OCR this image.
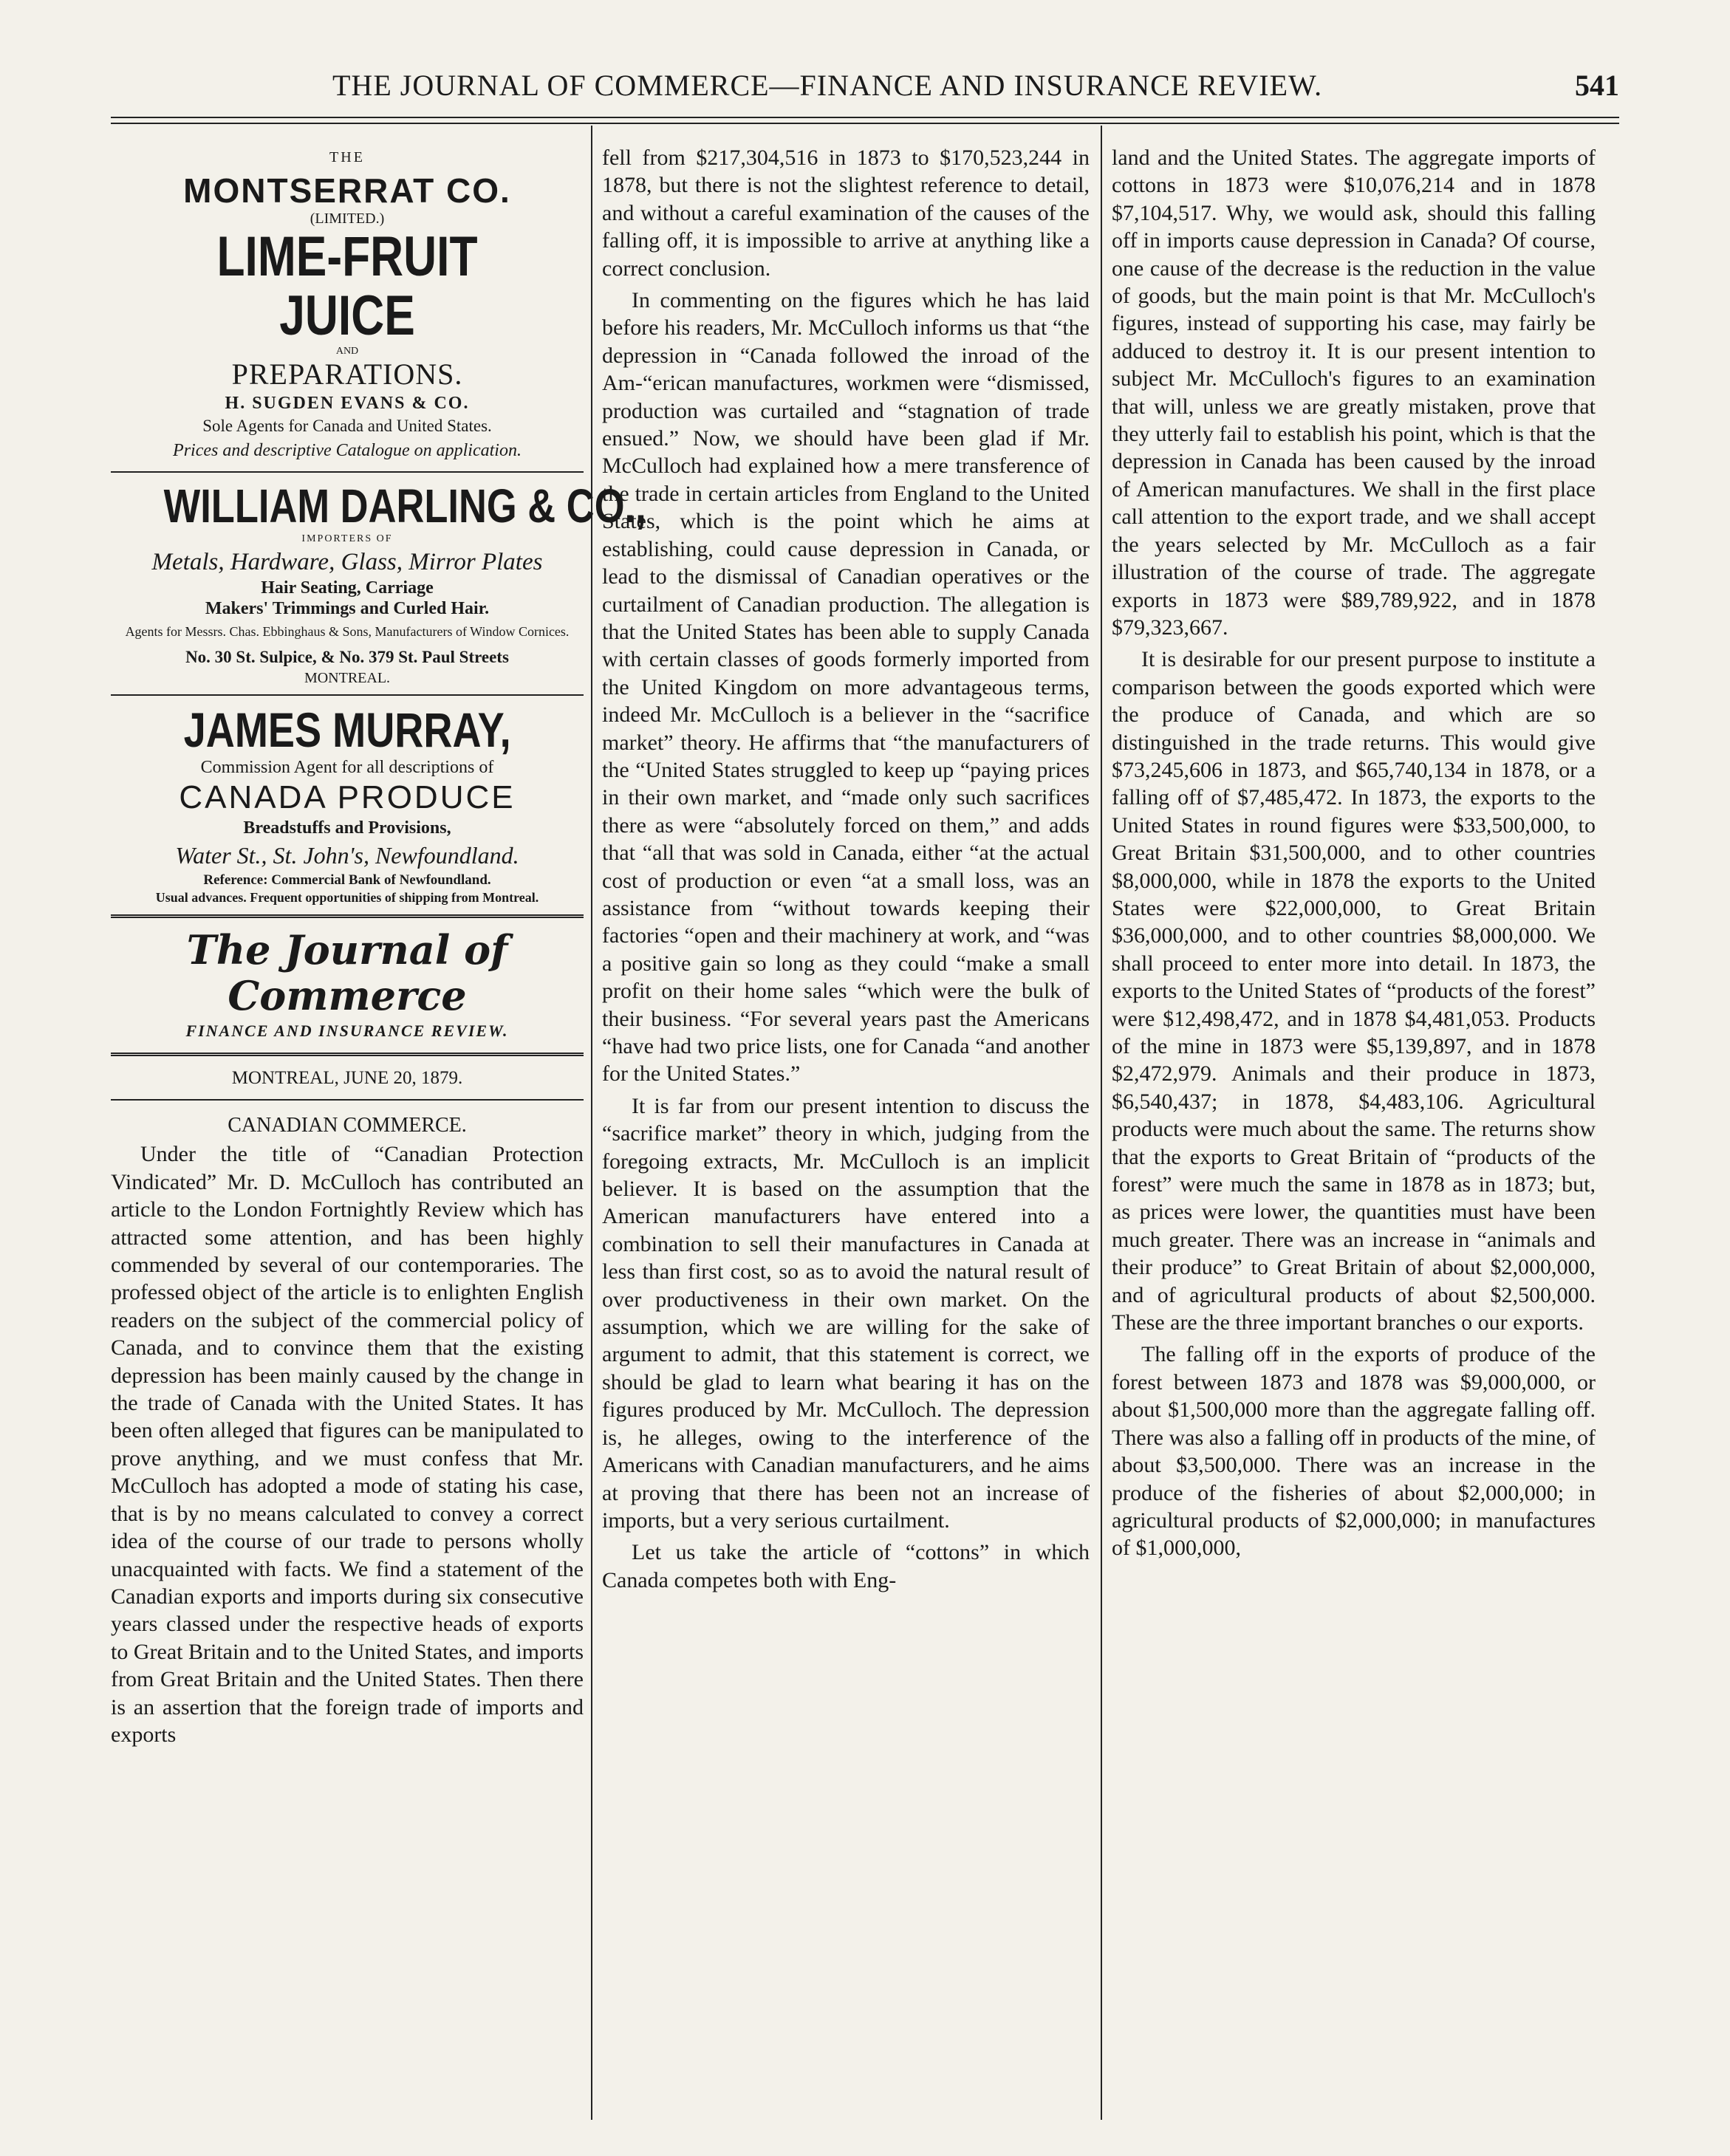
THE JOURNAL OF COMMERCE—FINANCE AND INSURANCE REVIEW.	541
THE
MONTSERRAT CO.
(LIMITED.)
LIME-FRUIT JUICE
AND
PREPARATIONS.
H. SUGDEN EVANS & CO.
Sole Agents for Canada and United States.
Prices and descriptive Catalogue on application.
WILLIAM DARLING & CO.,
IMPORTERS OF
Metals, Hardware, Glass, Mirror Plates
Hair Seating, Carriage
Makers' Trimmings and Curled Hair.
Agents for Messrs. Chas. Ebbinghaus & Sons, Manufacturers of Window Cornices.
No. 30 St. Sulpice, & No. 379 St. Paul Streets
MONTREAL.
JAMES MURRAY,
Commission Agent for all descriptions of
CANADA PRODUCE
Breadstuffs and Provisions,
Water St., St. John's, Newfoundland.
Reference: Commercial Bank of Newfoundland.
Usual advances. Frequent opportunities of shipping from Montreal.
The Journal of Commerce
FINANCE AND INSURANCE REVIEW.
MONTREAL, JUNE 20, 1879.
CANADIAN COMMERCE.

Under the title of “Canadian Protection Vindicated” Mr. D. McCulloch has contributed an article to the London Fortnightly Review which has attracted some attention, and has been highly commended by several of our contemporaries. The professed object of the article is to enlighten English readers on the subject of the commercial policy of Canada, and to convince them that the existing depression has been mainly caused by the change in the trade of Canada with the United States. It has been often alleged that figures can be manipulated to prove anything, and we must confess that Mr. McCulloch has adopted a mode of stating his case, that is by no means calculated to convey a correct idea of the course of our trade to persons wholly unacquainted with facts. We find a statement of the Canadian exports and imports during six consecutive years classed under the respective heads of exports to Great Britain and to the United States, and imports from Great Britain and the United States. Then there is an assertion that the foreign trade of imports and exports

fell from $217,304,516 in 1873 to $170,523,244 in 1878, but there is not the slightest reference to detail, and without a careful examination of the causes of the falling off, it is impossible to arrive at anything like a correct conclusion.

In commenting on the figures which he has laid before his readers, Mr. McCulloch informs us that “the depression in “Canada followed the inroad of the Am-“erican manufactures, workmen were “dismissed, production was curtailed and “stagnation of trade ensued.” Now, we should have been glad if Mr. McCulloch had explained how a mere transference of the trade in certain articles from England to the United States, which is the point which he aims at establishing, could cause depression in Canada, or lead to the dismissal of Canadian operatives or the curtailment of Canadian production. The allegation is that the United States has been able to supply Canada with certain classes of goods formerly imported from the United Kingdom on more advantageous terms, indeed Mr. McCulloch is a believer in the “sacrifice market” theory. He affirms that “the manufacturers of the “United States struggled to keep up “paying prices in their own market, and “made only such sacrifices there as were “absolutely forced on them,” and adds that “all that was sold in Canada, either “at the actual cost of production or even “at a small loss, was an assistance from “without towards keeping their factories “open and their machinery at work, and “was a positive gain so long as they could “make a small profit on their home sales “which were the bulk of their business. “For several years past the Americans “have had two price lists, one for Canada “and another for the United States.”

It is far from our present intention to discuss the “sacrifice market” theory in which, judging from the foregoing extracts, Mr. McCulloch is an implicit believer. It is based on the assumption that the American manufacturers have entered into a combination to sell their manufactures in Canada at less than first cost, so as to avoid the natural result of over productiveness in their own market. On the assumption, which we are willing for the sake of argument to admit, that this statement is correct, we should be glad to learn what bearing it has on the figures produced by Mr. McCulloch. The depression is, he alleges, owing to the interference of the Americans with Canadian manufacturers, and he aims at proving that there has been not an increase of imports, but a very serious curtailment.

Let us take the article of “cottons” in which Canada competes both with Eng-

land and the United States. The aggregate imports of cottons in 1873 were $10,076,214 and in 1878 $7,104,517. Why, we would ask, should this falling off in imports cause depression in Canada? Of course, one cause of the decrease is the reduction in the value of goods, but the main point is that Mr. McCulloch's figures, instead of supporting his case, may fairly be adduced to destroy it. It is our present intention to subject Mr. McCulloch's figures to an examination that will, unless we are greatly mistaken, prove that they utterly fail to establish his point, which is that the depression in Canada has been caused by the inroad of American manufactures. We shall in the first place call attention to the export trade, and we shall accept the years selected by Mr. McCulloch as a fair illustration of the course of trade. The aggregate exports in 1873 were $89,789,922, and in 1878 $79,323,667.

It is desirable for our present purpose to institute a comparison between the goods exported which were the produce of Canada, and which are so distinguished in the trade returns. This would give $73,245,606 in 1873, and $65,740,134 in 1878, or a falling off of $7,485,472. In 1873, the exports to the United States in round figures were $33,500,000, to Great Britain $31,500,000, and to other countries $8,000,000, while in 1878 the exports to the United States were $22,000,000, to Great Britain $36,000,000, and to other countries $8,000,000. We shall proceed to enter more into detail. In 1873, the exports to the United States of “products of the forest” were $12,498,472, and in 1878 $4,481,053. Products of the mine in 1873 were $5,139,897, and in 1878 $2,472,979. Animals and their produce in 1873, $6,540,437; in 1878, $4,483,106. Agricultural products were much about the same. The returns show that the exports to Great Britain of “products of the forest” were much the same in 1878 as in 1873; but, as prices were lower, the quantities must have been much greater. There was an increase in “animals and their produce” to Great Britain of about $2,000,000, and of agricultural products of about $2,500,000. These are the three important branches o our exports.

The falling off in the exports of produce of the forest between 1873 and 1878 was $9,000,000, or about $1,500,000 more than the aggregate falling off. There was also a falling off in products of the mine, of about $3,500,000. There was an increase in the produce of the fisheries of about $2,000,000; in agricultural products of $2,000,000; in manufactures of $1,000,000,
